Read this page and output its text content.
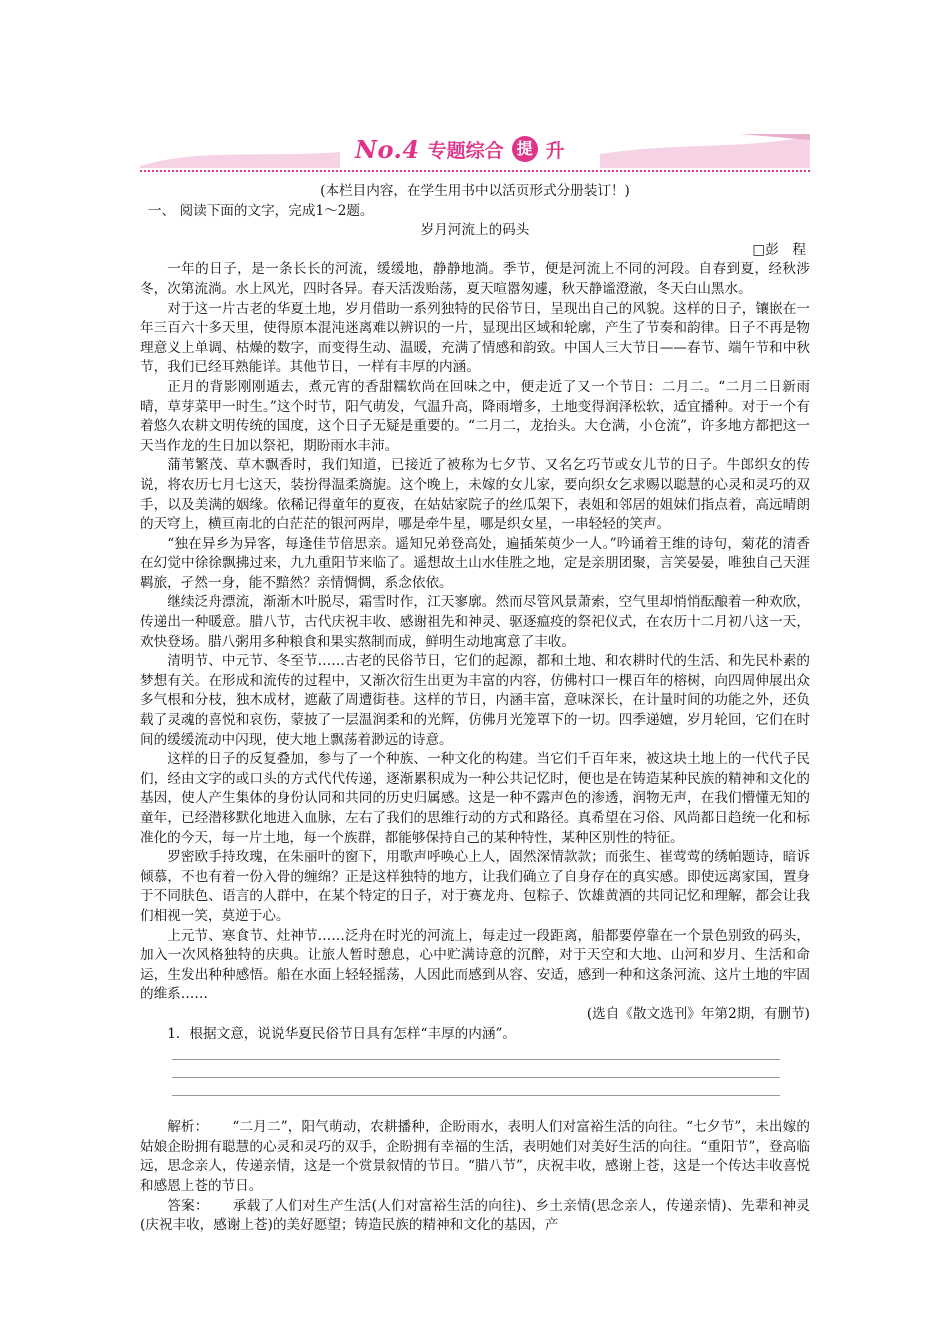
No.4 专题综合 提 升

(本栏目内容，在学生用书中以活页形式分册装订！)

一、 阅读下面的文字，完成1～2题。

岁月河流上的码头

□彭　程

一年的日子，是一条长长的河流，缓缓地，静静地淌。季节，便是河流上不同的河段。自春到夏，经秋涉冬，次第流淌。水上风光，四时各异。春天活泼贻荡，夏天喧嚣匆遽，秋天静谧澄澈，冬天白山黑水。

对于这一片古老的华夏土地，岁月借助一系列独特的民俗节日，呈现出自己的风貌。这样的日子，镶嵌在一年三百六十多天里，使得原本混沌迷离难以辨识的一片，显现出区域和轮廓，产生了节奏和韵律。日子不再是物理意义上单调、枯燥的数字，而变得生动、温暖，充满了情感和韵致。中国人三大节日——春节、端午节和中秋节，我们已经耳熟能详。其他节日，一样有丰厚的内涵。

正月的背影刚刚遁去，煮元宵的香甜糯软尚在回味之中，便走近了又一个节日：二月二。“二月二日新雨晴，草芽菜甲一时生。”这个时节，阳气萌发，气温升高，降雨增多，土地变得润泽松软，适宜播种。对于一个有着悠久农耕文明传统的国度，这个日子无疑是重要的。“二月二，龙抬头。大仓满，小仓流”，许多地方都把这一天当作龙的生日加以祭祀，期盼雨水丰沛。

蒲苇繁茂、草木飘香时，我们知道，已接近了被称为七夕节、又名乞巧节或女儿节的日子。牛郎织女的传说，将农历七月七这天，装扮得温柔旖旎。这个晚上，未嫁的女儿家，要向织女乞求赐以聪慧的心灵和灵巧的双手，以及美满的姻缘。依稀记得童年的夏夜，在姑姑家院子的丝瓜架下，表姐和邻居的姐妹们指点着，高远晴朗的天穹上，横亘南北的白茫茫的银河两岸，哪是牵牛星，哪是织女星，一串轻轻的笑声。

“独在异乡为异客，每逢佳节倍思亲。遥知兄弟登高处，遍插茱萸少一人。”吟诵着王维的诗句，菊花的清香在幻觉中徐徐飘拂过来，九九重阳节来临了。遥想故土山水佳胜之地，定是亲朋团聚，言笑晏晏，唯独自己天涯羁旅，孑然一身，能不黯然？亲情惆惆，系念依依。

继续泛舟漂流，渐渐木叶脱尽，霜雪时作，江天寥廓。然而尽管风景萧索，空气里却悄悄酝酿着一种欢欣，传递出一种暖意。腊八节，古代庆祝丰收、感谢祖先和神灵、驱逐瘟疫的祭祀仪式，在农历十二月初八这一天，欢快登场。腊八粥用多种粮食和果实熬制而成，鲜明生动地寓意了丰收。

清明节、中元节、冬至节……古老的民俗节日，它们的起源，都和土地、和农耕时代的生活、和先民朴素的梦想有关。在形成和流传的过程中，又渐次衍生出更为丰富的内容，仿佛村口一棵百年的榕树，向四周伸展出众多气根和分枝，独木成材，遮蔽了周遭街巷。这样的节日，内涵丰富，意味深长，在计量时间的功能之外，还负载了灵魂的喜悦和哀伤，蒙披了一层温润柔和的光辉，仿佛月光笼罩下的一切。四季递嬗，岁月轮回，它们在时间的缓缓流动中闪现，使大地上飘荡着渺远的诗意。

这样的日子的反复叠加，参与了一个种族、一种文化的构建。当它们千百年来，被这块土地上的一代代子民们，经由文字的或口头的方式代代传递，逐渐累积成为一种公共记忆时，便也是在铸造某种民族的精神和文化的基因，使人产生集体的身份认同和共同的历史归属感。这是一种不露声色的渗透，润物无声，在我们懵懂无知的童年，已经潜移默化地进入血脉，左右了我们的思维行动的方式和路径。真希望在习俗、风尚都日趋统一化和标准化的今天，每一片土地，每一个族群，都能够保持自己的某种特性，某种区别性的特征。

罗密欧手持玫瑰，在朱丽叶的窗下，用歌声呼唤心上人，固然深情款款；而张生、崔莺莺的绣帕题诗，暗诉倾慕，不也有着一份入骨的缠绵？正是这样独特的地方，让我们确立了自身存在的真实感。即使远离家国，置身于不同肤色、语言的人群中，在某个特定的日子，对于赛龙舟、包粽子、饮雄黄酒的共同记忆和理解，都会让我们相视一笑，莫逆于心。

上元节、寒食节、灶神节……泛舟在时光的河流上，每走过一段距离，船都要停靠在一个景色别致的码头，加入一次风格独特的庆典。让旅人暂时憩息，心中贮满诗意的沉醉，对于天空和大地、山河和岁月、生活和命运，生发出种种感悟。船在水面上轻轻摇荡，人因此而感到从容、安适，感到一种和这条河流、这片土地的牢固的维系……

(选自《散文选刊》年第2期，有删节)

1．根据文意，说说华夏民俗节日具有怎样“丰厚的内涵”。

解析： “二月二”，阳气萌动，农耕播种，企盼雨水，表明人们对富裕生活的向往。“七夕节”，未出嫁的姑娘企盼拥有聪慧的心灵和灵巧的双手，企盼拥有幸福的生活，表明她们对美好生活的向往。“重阳节”，登高临远，思念亲人，传递亲情，这是一个赏景叙情的节日。“腊八节”，庆祝丰收，感谢上苍，这是一个传达丰收喜悦和感恩上苍的节日。

答案： 承载了人们对生产生活(人们对富裕生活的向往)、乡土亲情(思念亲人，传递亲情)、先辈和神灵(庆祝丰收，感谢上苍)的美好愿望；铸造民族的精神和文化的基因，产
